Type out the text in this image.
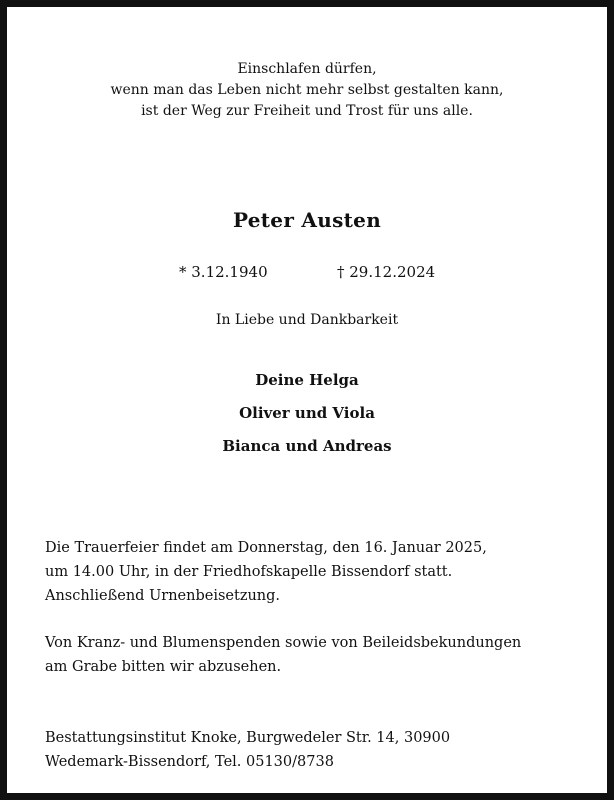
Einschlafen dürfen,
wenn man das Leben nicht mehr selbst gestalten kann,
ist der Weg zur Freiheit und Trost für uns alle.
Peter Austen
* 3.12.1940	† 29.12.2024
In Liebe und Dankbarkeit
Deine Helga
Oliver und Viola
Bianca und Andreas
Die Trauerfeier findet am Donnerstag, den 16. Januar 2025,
um 14.00 Uhr, in der Friedhofskapelle Bissendorf statt.
Anschließend Urnenbeisetzung.
Von Kranz- und Blumenspenden sowie von Beileidsbekundungen
am Grabe bitten wir abzusehen.
Bestattungsinstitut Knoke, Burgwedeler Str. 14, 30900
Wedemark-Bissendorf, Tel. 05130/8738
